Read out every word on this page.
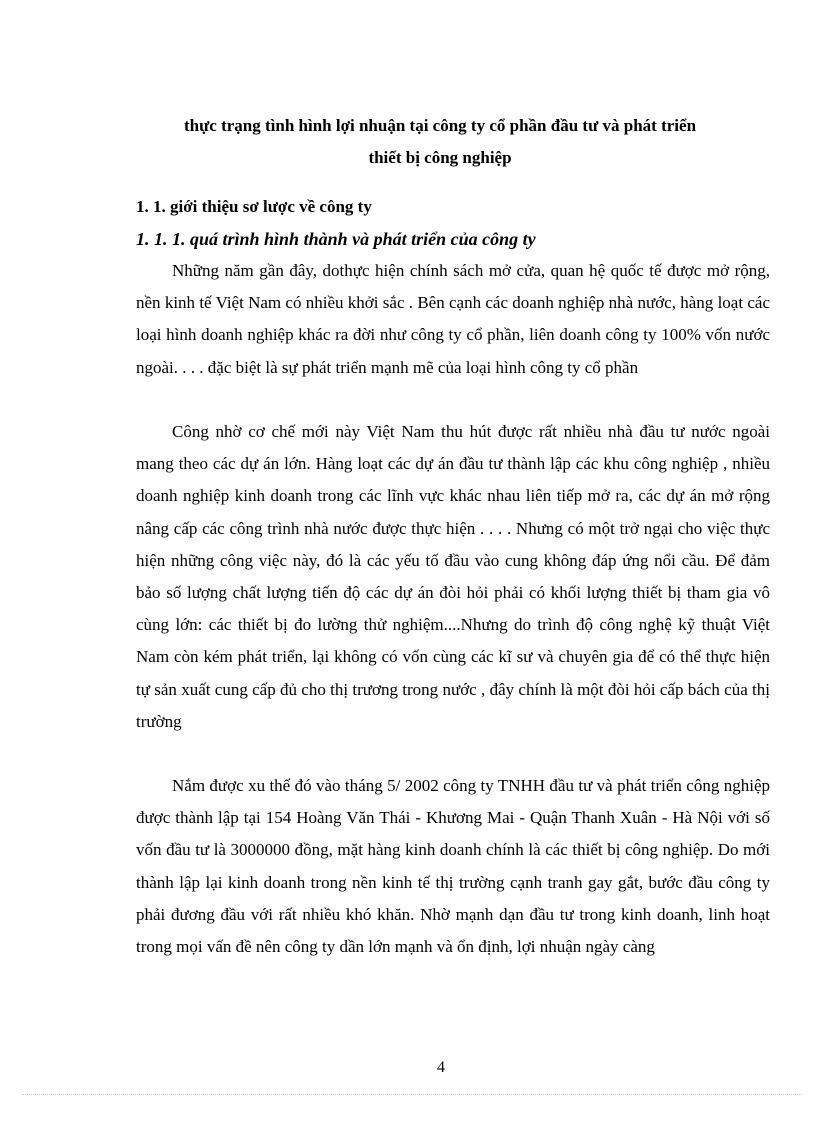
thực trạng tình hình lợi nhuận tại công ty cổ phần đầu tư và phát triển

thiết bị công nghiệp

1. 1. giới thiệu sơ lược về công ty

1. 1. 1. quá trình hình thành và phát triển của công ty

Những năm gần đây, dothực hiện chính sách mở cửa, quan hệ quốc tế được mở rộng, nền kinh tế Việt Nam có nhiều khởi sắc . Bên cạnh các doanh nghiệp nhà nước, hàng loạt các loại hình doanh nghiệp khác ra đời như công ty cổ phần, liên doanh công ty 100% vốn nước ngoài. . . . đặc biệt là sự phát triển mạnh mẽ của loại hình công ty cổ phần

Công nhờ cơ chế mới này Việt Nam thu hút được rất nhiều nhà đầu tư nước ngoài mang theo các dự án lớn. Hàng loạt các dự án đầu tư thành lập các khu công nghiệp , nhiều doanh nghiệp kinh doanh trong các lĩnh vực khác nhau liên tiếp mở ra, các dự án mở rộng nâng cấp các công trình nhà nước được thực hiện . . . . Nhưng có một trở ngại cho việc thực hiện những công việc này, đó là các yếu tố đầu vào cung không đáp ứng nổi cầu. Để đảm bảo số lượng chất lượng tiến độ các dự án đòi hỏi phải có khối lượng thiết bị tham gia vô cùng lớn: các thiết bị đo lường thử nghiệm....Nhưng do trình độ công nghệ kỹ thuật Việt Nam còn kém phát triển, lại không có vốn cùng các kĩ sư và chuyên gia để có thể thực hiện tự sản xuất cung cấp đủ cho thị trương trong nước , đây chính là một đòi hỏi cấp bách của thị trường

Nắm được xu thế đó vào tháng 5/ 2002 công ty TNHH đầu tư và phát triển công nghiệp được thành lập tại 154 Hoàng Văn Thái - Khương Mai - Quận Thanh Xuân - Hà Nội với số vốn đầu tư là 3000000 đồng, mặt hàng kinh doanh chính là các thiết bị công nghiệp. Do mới thành lập lại kinh doanh trong nền kinh tế thị trường cạnh tranh gay gắt, bước đầu công ty phải đương đầu với rất nhiều khó khăn. Nhờ mạnh dạn đầu tư trong kinh doanh, linh hoạt trong mọi vấn đề nên công ty dần lớn mạnh và ổn định, lợi nhuận ngày càng

4
